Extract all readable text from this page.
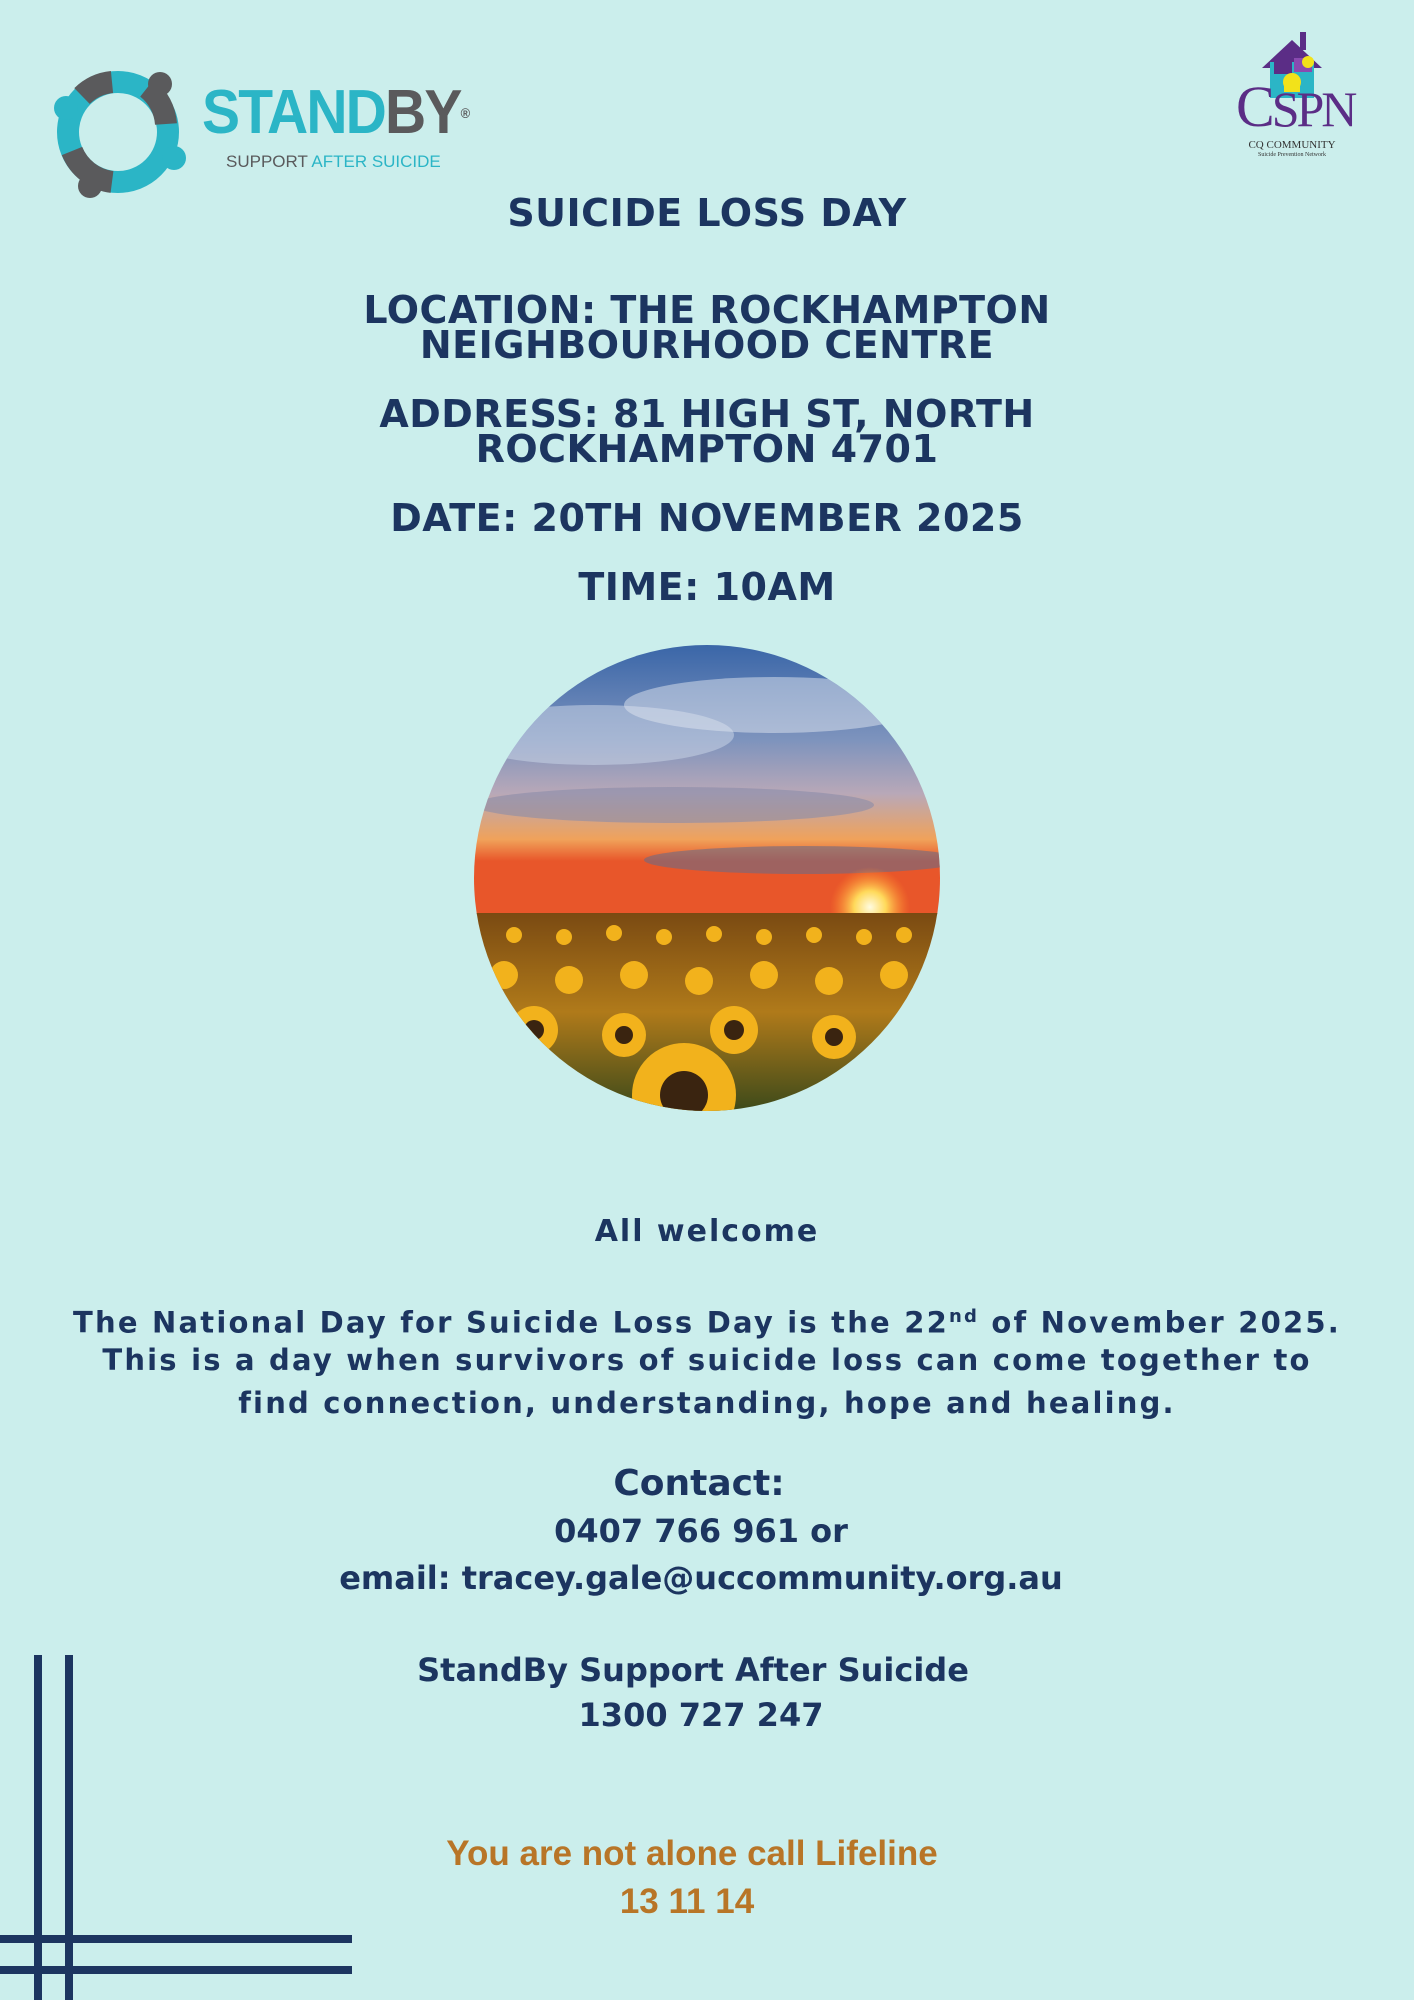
STANDBY®
SUPPORT AFTER SUICIDE
CSPN
CQ COMMUNITY
Suicide Prevention Network
SUICIDE LOSS DAY
LOCATION: THE ROCKHAMPTON
NEIGHBOURHOOD CENTRE
ADDRESS: 81 HIGH ST, NORTH
ROCKHAMPTON 4701
DATE: 20TH NOVEMBER 2025
TIME: 10AM
All welcome
The National Day for Suicide Loss Day is the 22nd of November 2025.
This is a day when survivors of suicide loss can come together to
find connection, understanding, hope and healing.
Contact:
0407 766 961 or
email: tracey.gale@uccommunity.org.au
StandBy Support After Suicide
1300 727 247
You are not alone call Lifeline
13 11 14
